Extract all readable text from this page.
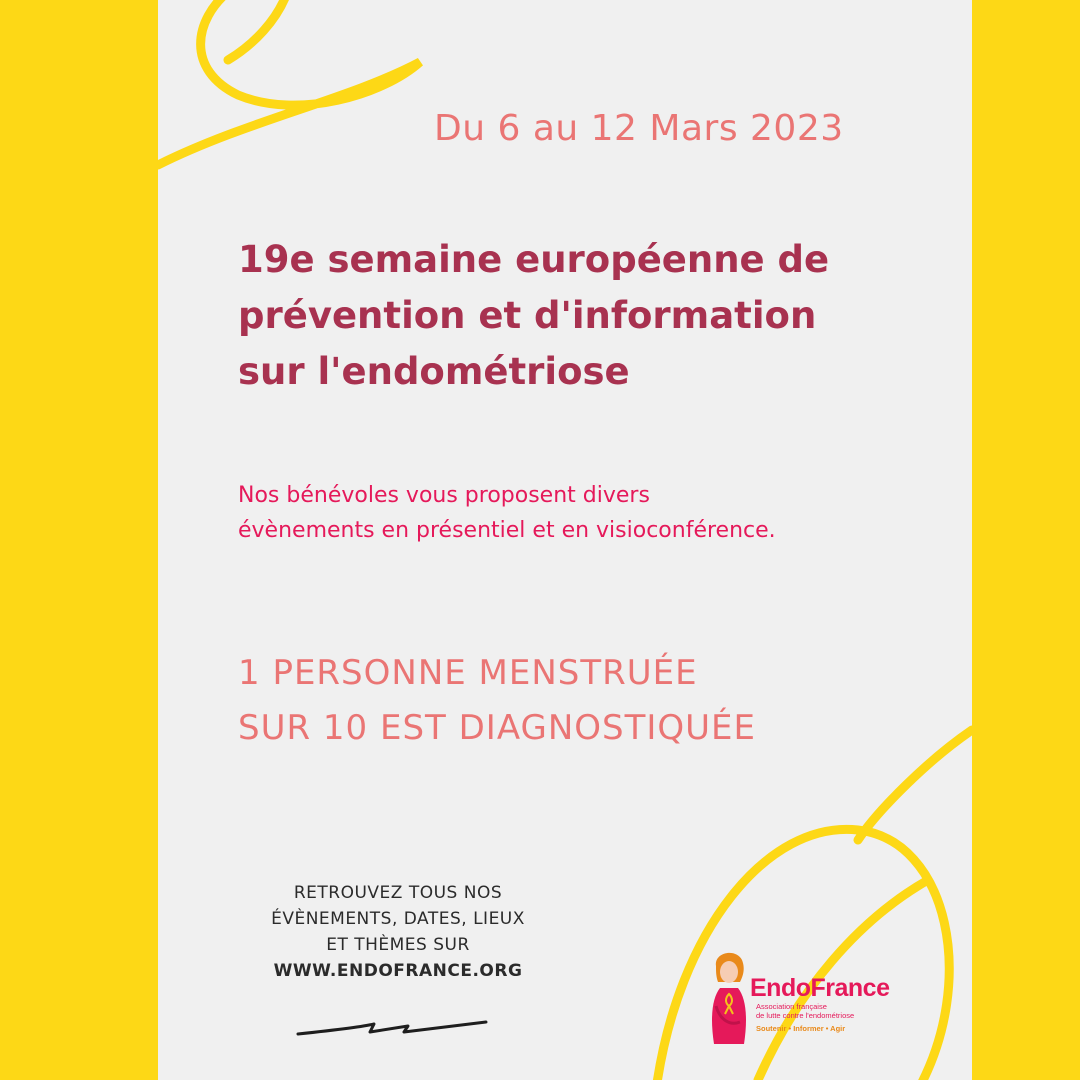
Du 6 au 12 Mars 2023
19e semaine européenne de
prévention et d'information
sur l'endométriose
Nos bénévoles vous proposent divers
évènements en présentiel et en visioconférence.
1 PERSONNE MENSTRUÉE
SUR 10 EST DIAGNOSTIQUÉE
RETROUVEZ TOUS NOS
ÉVÈNEMENTS, DATES, LIEUX
ET THÈMES SUR
WWW.ENDOFRANCE.ORG
EndoFrance
Association française
de lutte contre l'endométriose
Soutenir • Informer • Agir
